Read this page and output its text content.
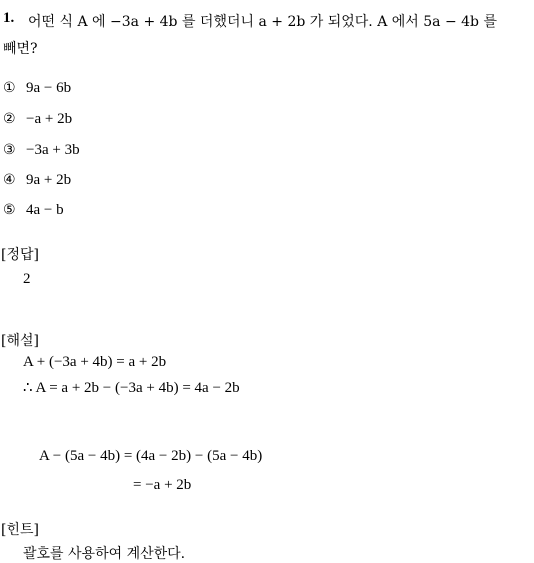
1. 어떤 식 A 에 −3a + 4b 를 더했더니 a + 2b 가 되었다. A 에서 5a − 4b 를
빼면?
① 9a − 6b
② −a + 2b
③ −3a + 3b
④ 9a + 2b
⑤ 4a − b
[정답]
2
[해설]
A + (−3a + 4b) = a + 2b
∴ A = a + 2b − (−3a + 4b) = 4a − 2b
A − (5a − 4b) = (4a − 2b) − (5a − 4b)
= −a + 2b
[힌트]
괄호를 사용하여 계산한다.
